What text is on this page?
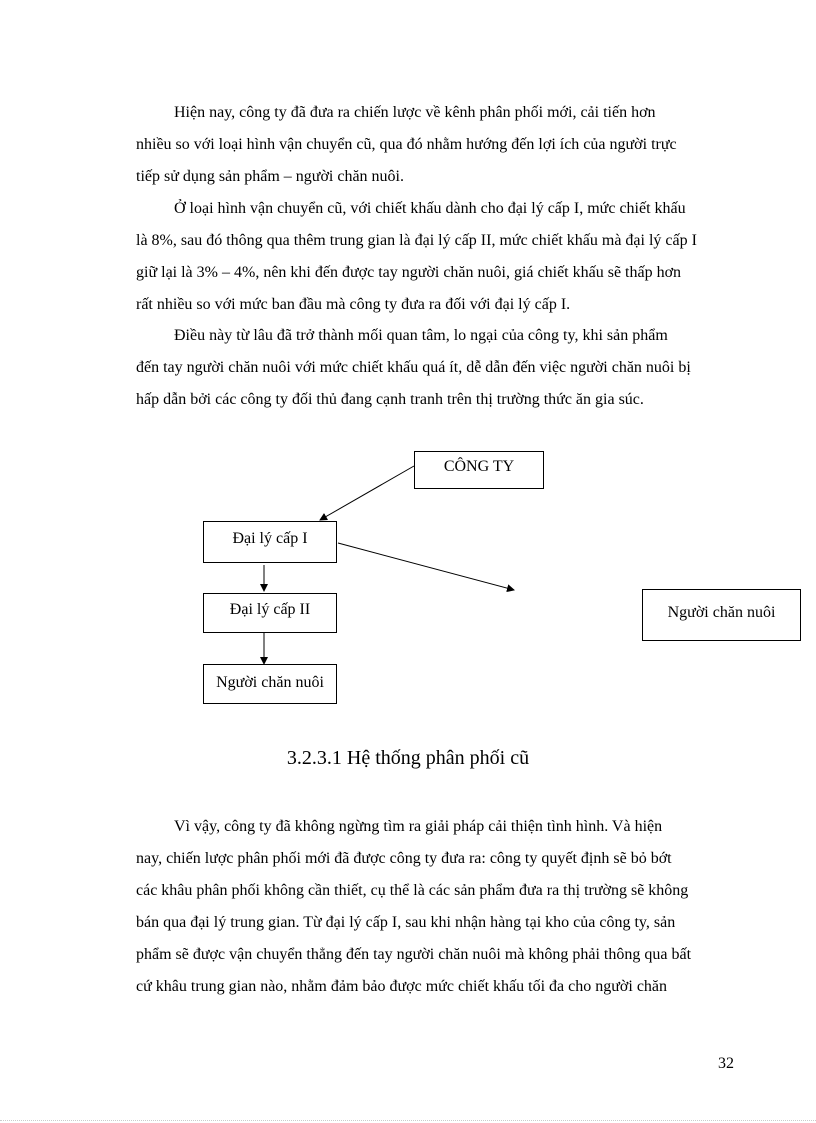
Hiện nay, công ty đã đưa ra chiến lược về kênh phân phối mới, cải tiến hơn
nhiều so với loại hình vận chuyển cũ, qua đó nhằm hướng đến lợi ích của người trực
tiếp sử dụng sản phẩm – người chăn nuôi.
Ở loại hình vận chuyển cũ, với chiết khấu dành cho đại lý cấp I, mức chiết khấu
là 8%, sau đó thông qua thêm trung gian là đại lý cấp II, mức chiết khấu mà đại lý cấp I
giữ lại là 3% – 4%, nên khi đến được tay người chăn nuôi, giá chiết khấu sẽ thấp hơn
rất nhiều so với mức ban đầu mà công ty đưa ra đối với đại lý cấp I.
Điều này từ lâu đã trở thành mối quan tâm, lo ngại của công ty, khi sản phẩm
đến tay người chăn nuôi với mức chiết khấu quá ít, dễ dẫn đến việc người chăn nuôi bị
hấp dẫn bởi các công ty đối thủ đang cạnh tranh trên thị trường thức ăn gia súc.
CÔNG TY
Đại lý cấp I
Đại lý cấp II
Người chăn nuôi
Người chăn nuôi
3.2.3.1 Hệ thống phân phối cũ
Vì vậy, công ty đã không ngừng tìm ra giải pháp cải thiện tình hình. Và hiện
nay, chiến lược phân phối mới đã được công ty đưa ra: công ty quyết định sẽ bỏ bớt
các khâu phân phối không cần thiết, cụ thể là các sản phẩm đưa ra thị trường sẽ không
bán qua đại lý trung gian. Từ đại lý cấp I, sau khi nhận hàng tại kho của công ty, sản
phẩm sẽ được vận chuyển thẳng đến tay người chăn nuôi mà không phải thông qua bất
cứ khâu trung gian nào, nhằm đảm bảo được mức chiết khấu tối đa cho người chăn
32
